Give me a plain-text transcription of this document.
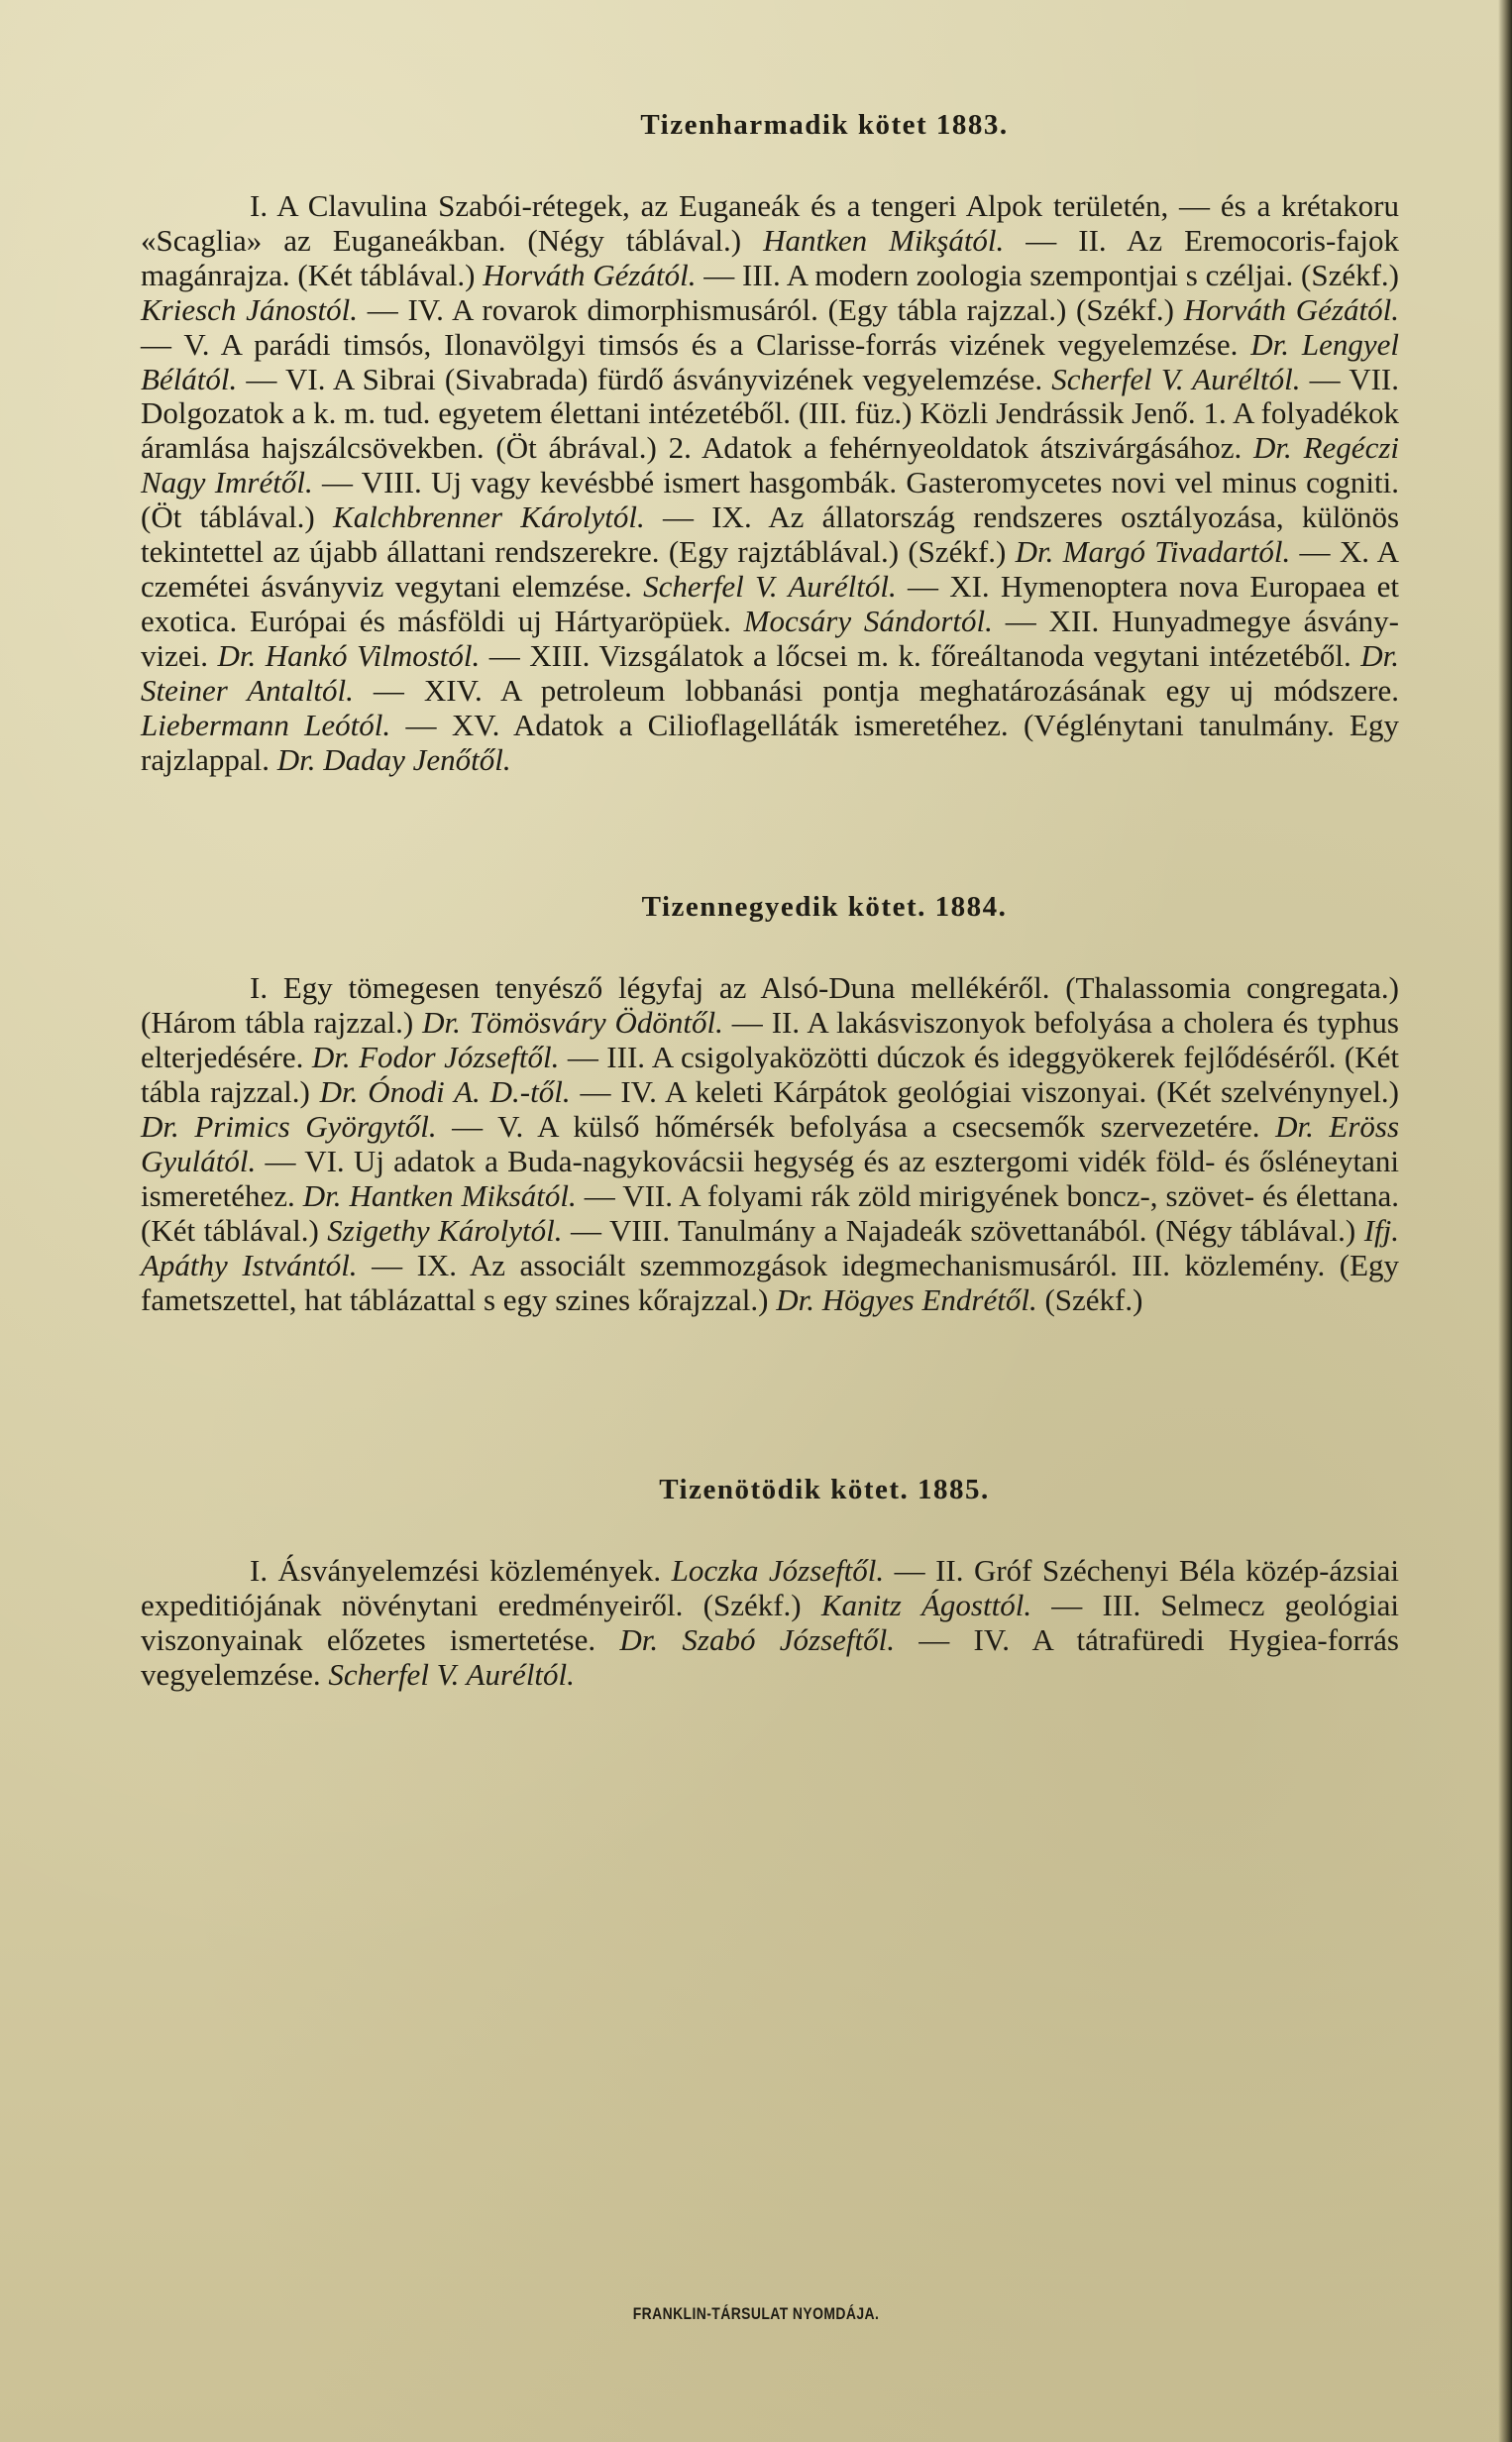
Tizenharmadik kötet 1883.

I. A Clavulina Szabói-rétegek, az Euganeák és a tengeri Alpok területén, — és a krétakoru «Scaglia» az Euganeákban. (Négy táblával.) Hantken Mikşától. — II. Az Eremocoris-fajok magánrajza. (Két táblával.) Horváth Gézától. — III. A modern zoologia szempontjai s czéljai. (Székf.) Kriesch Jánostól. — IV. A rovarok dimorphismusáról. (Egy tábla rajzzal.) (Székf.) Horváth Gézától. — V. A parádi timsós, Ilonavölgyi timsós és a Clarisse-forrás vizének vegyelemzése. Dr. Lengyel Bélától. — VI. A Sibrai (Sivabrada) fürdő ásványvizének vegyelemzése. Scherfel V. Auréltól. — VII. Dolgozatok a k. m. tud. egyetem élettani intézetéből. (III. füz.) Közli Jendrássik Jenő. 1. A folyadékok áramlása hajszálcsövekben. (Öt ábrával.) 2. Adatok a fehérnyeoldatok átszivárgásához. Dr. Regéczi Nagy Imrétől. — VIII. Uj vagy kevésbbé ismert hasgombák. Gasteromycetes novi vel minus cogniti. (Öt táblával.) Kalchbrenner Károlytól. — IX. Az állatország rendszeres osztályozása, különös tekintettel az újabb állattani rendszerekre. (Egy rajztáblával.) (Székf.) Dr. Margó Tivadartól. — X. A czemétei ásványviz vegytani elemzése. Scherfel V. Auréltól. — XI. Hymenoptera nova Europaea et exotica. Európai és másföldi uj Hártyaröpüek. Mocsáry Sándortól. — XII. Hunyadmegye ásványvizei. Dr. Hankó Vilmostól. — XIII. Vizsgálatok a lőcsei m. k. főreáltanoda vegytani intézetéből. Dr. Steiner Antaltól. — XIV. A petroleum lobbanási pontja meghatározásának egy uj módszere. Liebermann Leótól. — XV. Adatok a Cilioflagelláták ismeretéhez. (Véglénytani tanulmány. Egy rajzlappal. Dr. Daday Jenőtől.

Tizennegyedik kötet. 1884.

I. Egy tömegesen tenyésző légyfaj az Alsó-Duna mellékéről. (Thalassomia congregata.) (Három tábla rajzzal.) Dr. Tömösváry Ödöntől. — II. A lakásviszonyok befolyása a cholera és typhus elterjedésére. Dr. Fodor Józseftől. — III. A csigolyaközötti dúczok és ideggyökerek fejlődéséről. (Két tábla rajzzal.) Dr. Ónodi A. D.-től. — IV. A keleti Kárpátok geológiai viszonyai. (Két szelvénynyel.) Dr. Primics Györgytől. — V. A külső hőmérsék befolyása a csecsemők szervezetére. Dr. Eröss Gyulától. — VI. Uj adatok a Buda-nagykovácsii hegység és az esztergomi vidék föld- és ősléneytani ismeretéhez. Dr. Hantken Miksától. — VII. A folyami rák zöld mirigyének boncz-, szövet- és élettana. (Két táblával.) Szigethy Károlytól. — VIII. Tanulmány a Najadeák szövettanából. (Négy táblával.) Ifj. Apáthy Istvántól. — IX. Az associált szemmozgások idegmechanismusáról. III. közlemény. (Egy fametszettel, hat táblázattal s egy szines kőrajzzal.) Dr. Högyes Endrétől. (Székf.)

Tizenötödik kötet. 1885.

I. Ásványelemzési közlemények. Loczka Józseftől. — II. Gróf Széchenyi Béla közép-ázsiai expeditiójának növénytani eredményeiről. (Székf.) Kanitz Ágosttól. — III. Selmecz geológiai viszonyainak előzetes ismertetése. Dr. Szabó Józseftől. — IV. A tátrafüredi Hygiea-forrás vegyelemzése. Scherfel V. Auréltól.

FRANKLIN-TÁRSULAT NYOMDÁJA.
